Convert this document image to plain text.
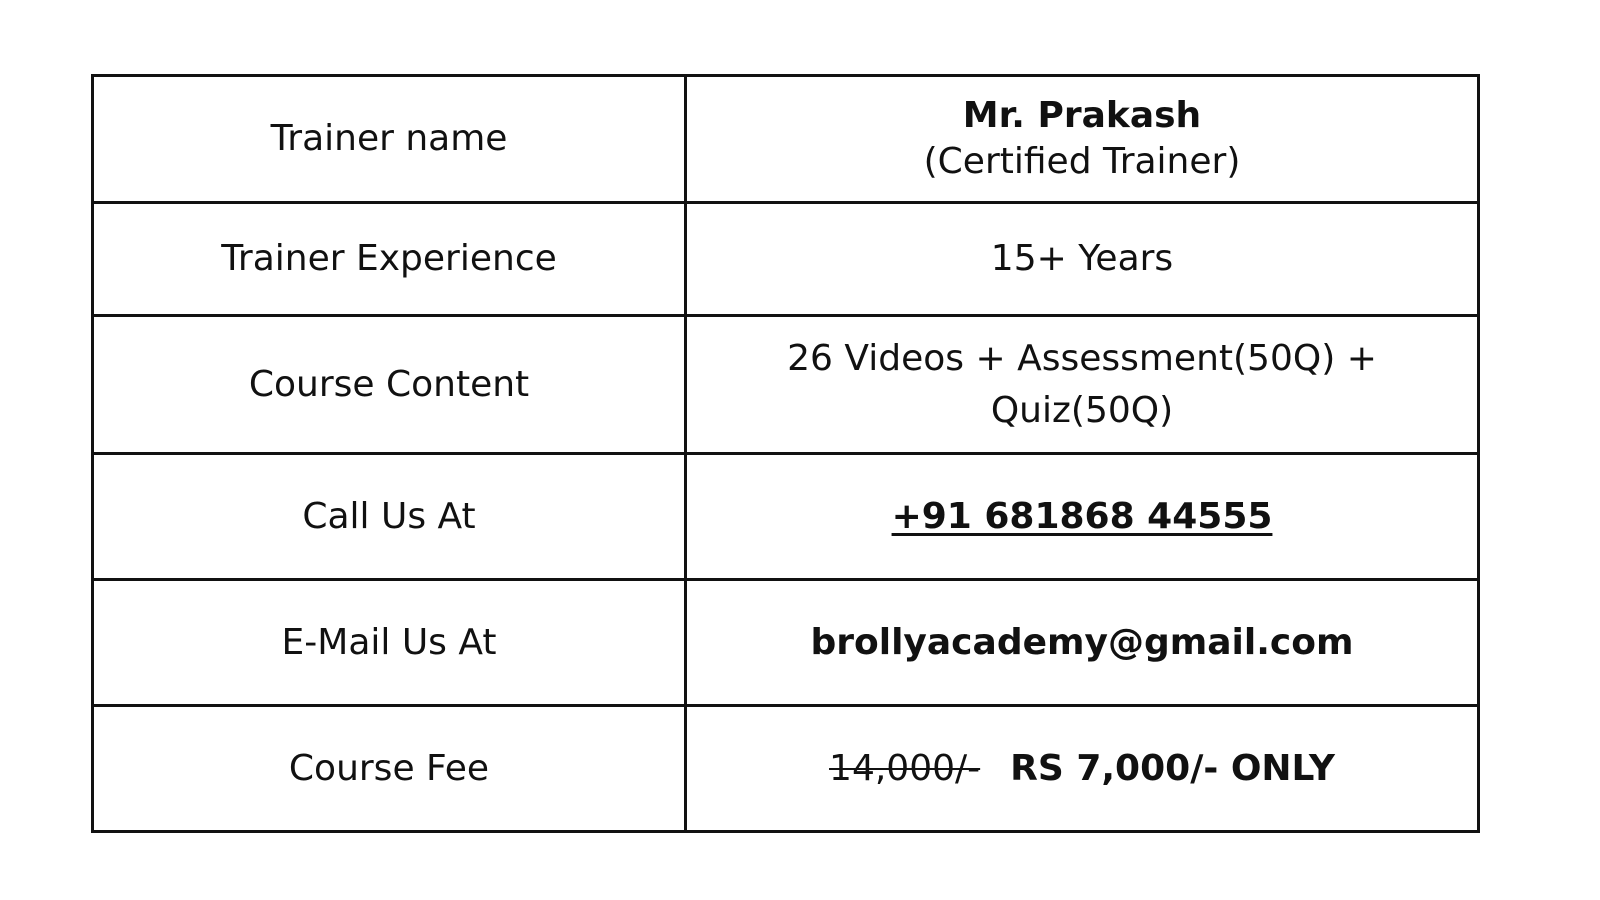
Trainer name	Mr. Prakash
(Certified Trainer)

Trainer Experience	15+ Years
Course Content	26 Videos + Assessment(50Q) + Quiz(50Q)
Call Us At	+91 681868 44555
E-Mail Us At	brollyacademy@gmail.com
Course Fee	14,000/- RS 7,000/- ONLY
